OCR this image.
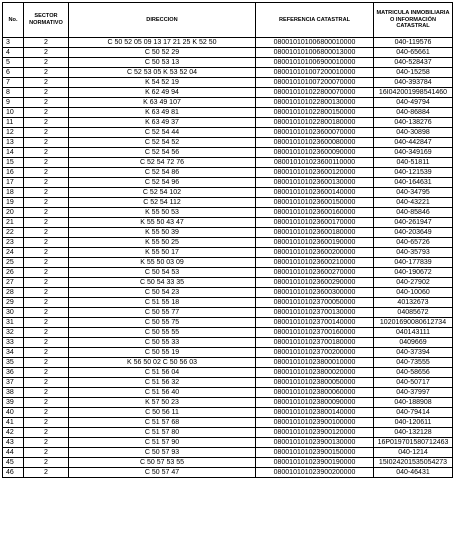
No.	SECTOR NORMATIVO	DIRECCION	REFERENCIA CATASTRAL	MATRICULA INMOBILIARIA O INFORMACIÓN CATASTRAL
3	2	C 50 52 05 09 13 17 21 25 K 52 50	080010101006800010000	040-119576
4	2	C 50 52 29	080010101006800013000	040-65661
5	2	C 50 53 13	080010101006900010000	040-528437
6	2	C 52 53 05 K 53 52 04	080010101007200010000	040-15258
7	2	K 54 52 19	080010101007200070000	040-393784
8	2	K 62 49 94	080010101022800070000	16I042001998541460
9	2	K 63 49 107	080010101022800130000	040-49794
10	2	K 63 49 81	080010101022800150000	040-86884
11	2	K 63 49 37	080010101022800180000	040-138276
12	2	C 52 54 44	080010101023600070000	040-30898
13	2	C 52 54 52	080010101023600080000	040-442847
14	2	C 52 54 56	080010101023600090000	040-349169
15	2	C 52 54 72 76	080010101023600110000	040-51811
16	2	C 52 54 86	080010101023600120000	040-121539
17	2	C 52 54 96	080010101023600130000	040-164631
18	2	C 52 54 102	080010101023600140000	040-34795
19	2	C 52 54 112	080010101023600150000	040-43221
20	2	K 55 50 53	080010101023600160000	040-85846
21	2	K 55 50 43 47	080010101023600170000	040-261947
22	2	K 55 50 39	080010101023600180000	040-203649
23	2	K 55 50 25	080010101023600190000	040-65726
24	2	K 55 50 17	080010101023600200000	040-35793
25	2	K 55 50 03 09	080010101023600210000	040-177839
26	2	C 50 54 53	080010101023600270000	040-190672
27	2	C 50 54 33 35	080010101023600290000	040-27902
28	2	C 50 54 23	080010101023600300000	040-10060
29	2	C 51 55 18	080010101023700050000	40132673
30	2	C 50 55 77	080010101023700130000	04085672
31	2	C 50 55 75	080010101023700140000	10201690080612734
32	2	C 50 55 55	080010101023700160000	040143111
33	2	C 50 55 33	080010101023700180000	0409669
34	2	C 50 55 19	080010101023700200000	040-37394
35	2	K 56 50 02 C 50 56 03	080010101023800010000	040-73555
36	2	C 51 56 04	080010101023800020000	040-58656
37	2	C 51 56 32	080010101023800050000	040-50717
38	2	C 51 56 40	080010101023800060000	040-37997
39	2	K 57 50 23	080010101023800090000	040-188908
40	2	C 50 56 11	080010101023800140000	040-79414
41	2	C 51 57 68	080010101023900100000	040-120611
42	2	C 51 57 80	080010101023900120000	040-132128
43	2	C 51 57 90	080010101023900130000	16P019701580712463
44	2	C 50 57 93	080010101023900150000	040-1214
45	2	C 50 57 53 55	080010101023900190000	15I024201535054273
46	2	C 50 57 47	080010101023900200000	040-46431
